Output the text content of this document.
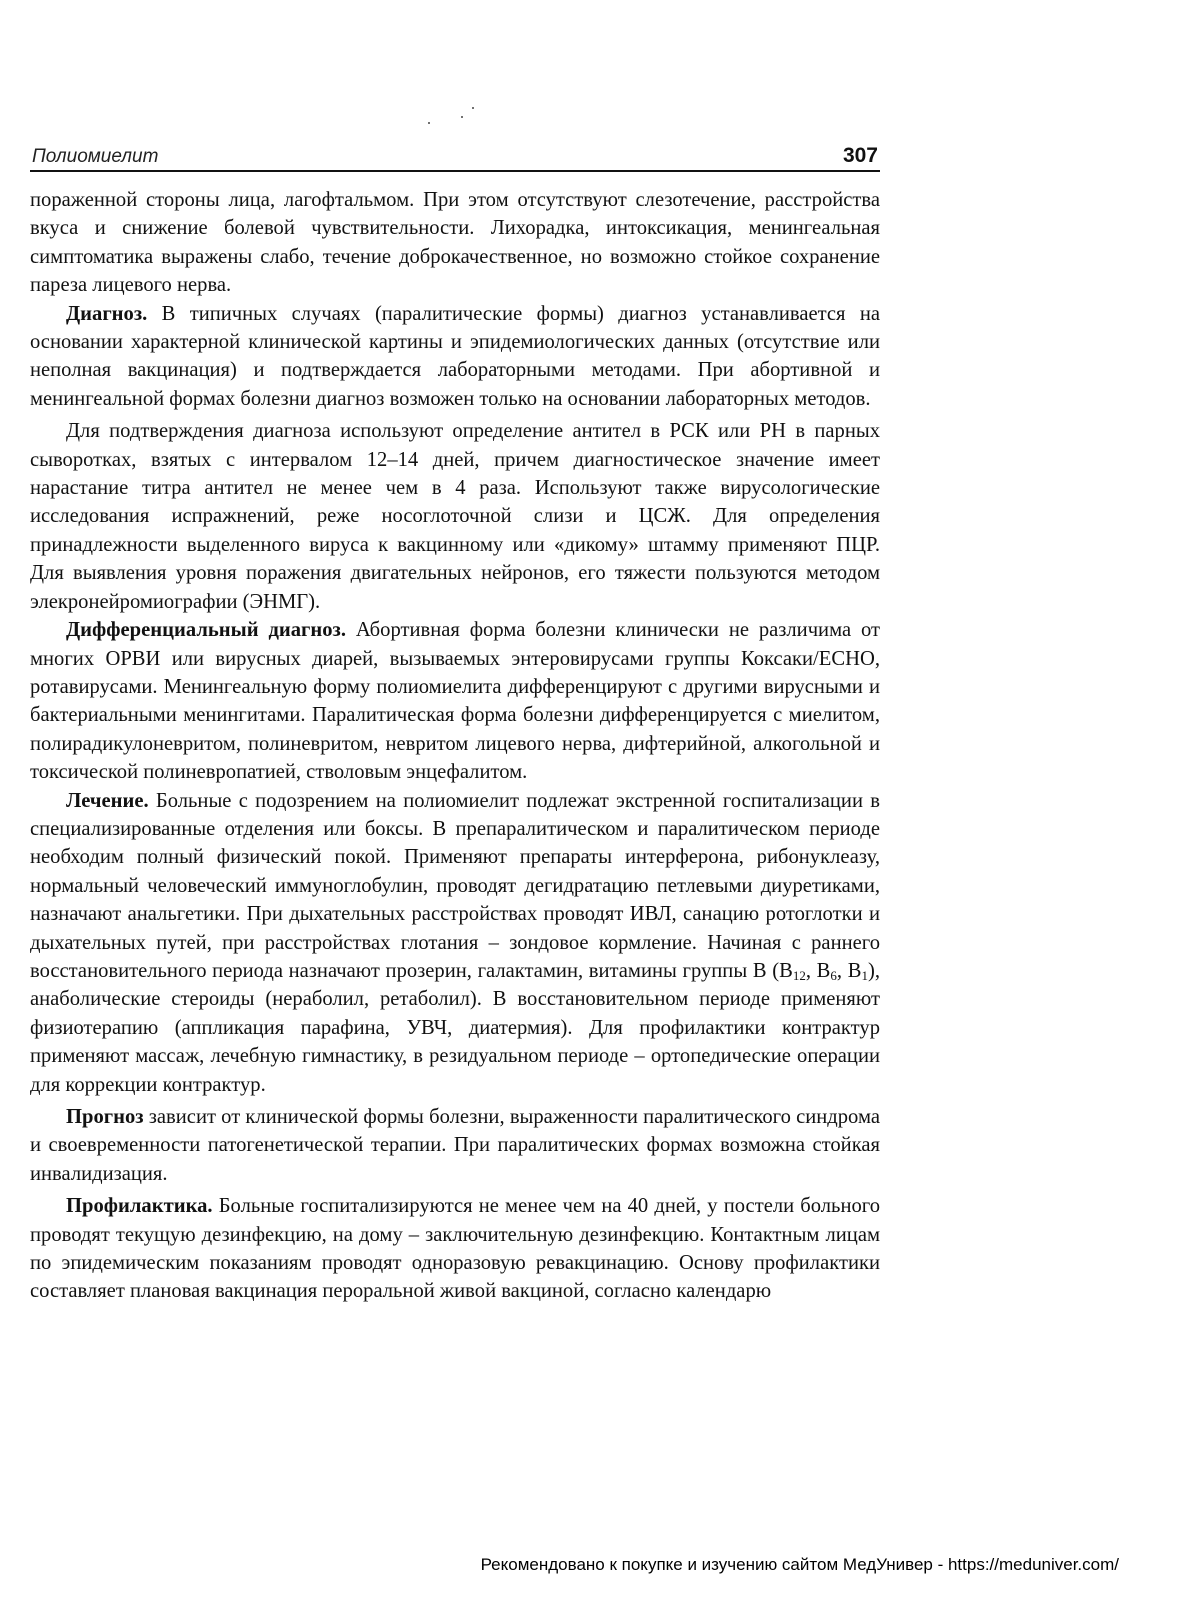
Полиомиелит	307

пораженной стороны лица, лагофтальмом. При этом отсутствуют слезотечение, расстройства вкуса и снижение болевой чувствительности. Лихорадка, интоксикация, менингеальная симптоматика выражены слабо, течение доброкачественное, но возможно стойкое сохранение пареза лицевого нерва.

Диагноз. В типичных случаях (паралитические формы) диагноз устанавливается на основании характерной клинической картины и эпидемиологических данных (отсутствие или неполная вакцинация) и подтверждается лабораторными методами. При абортивной и менингеальной формах болезни диагноз возможен только на основании лабораторных методов.

Для подтверждения диагноза используют определение антител в РСК или РН в парных сыворотках, взятых с интервалом 12–14 дней, причем диагностическое значение имеет нарастание титра антител не менее чем в 4 раза. Используют также вирусологические исследования испражнений, реже носоглоточной слизи и ЦСЖ. Для определения принадлежности выделенного вируса к вакцинному или «дикому» штамму применяют ПЦР. Для выявления уровня поражения двигательных нейронов, его тяжести пользуются методом элекронейромиографии (ЭНМГ).

Дифференциальный диагноз. Абортивная форма болезни клинически не различима от многих ОРВИ или вирусных диарей, вызываемых энтеровирусами группы Коксаки/ЕСНО, ротавирусами. Менингеальную форму полиомиелита дифференцируют с другими вирусными и бактериальными менингитами. Паралитическая форма болезни дифференцируется с миелитом, полирадикулоневритом, полиневритом, невритом лицевого нерва, дифтерийной, алкогольной и токсической полиневропатией, стволовым энцефалитом.

Лечение. Больные с подозрением на полиомиелит подлежат экстренной госпитализации в специализированные отделения или боксы. В препаралитическом и паралитическом периоде необходим полный физический покой. Применяют препараты интерферона, рибонуклеазу, нормальный человеческий иммуноглобулин, проводят дегидратацию петлевыми диуретиками, назначают анальгетики. При дыхательных расстройствах проводят ИВЛ, санацию ротоглотки и дыхательных путей, при расстройствах глотания – зондовое кормление. Начиная с раннего восстановительного периода назначают прозерин, галактамин, витамины группы В ($В_{12}$, $В_6$, $В_1$), анаболические стероиды (нераболил, ретаболил). В восстановительном периоде применяют физиотерапию (аппликация парафина, УВЧ, диатермия). Для профилактики контрактур применяют массаж, лечебную гимнастику, в резидуальном периоде – ортопедические операции для коррекции контрактур.

Прогноз зависит от клинической формы болезни, выраженности паралитического синдрома и своевременности патогенетической терапии. При паралитических формах возможна стойкая инвалидизация.

Профилактика. Больные госпитализируются не менее чем на 40 дней, у постели больного проводят текущую дезинфекцию, на дому – заключительную дезинфекцию. Контактным лицам по эпидемическим показаниям проводят одноразовую ревакцинацию. Основу профилактики составляет плановая вакцинация пероральной живой вакциной, согласно календарю

Рекомендовано к покупке и изучению сайтом МедУнивер - https://meduniver.com/
